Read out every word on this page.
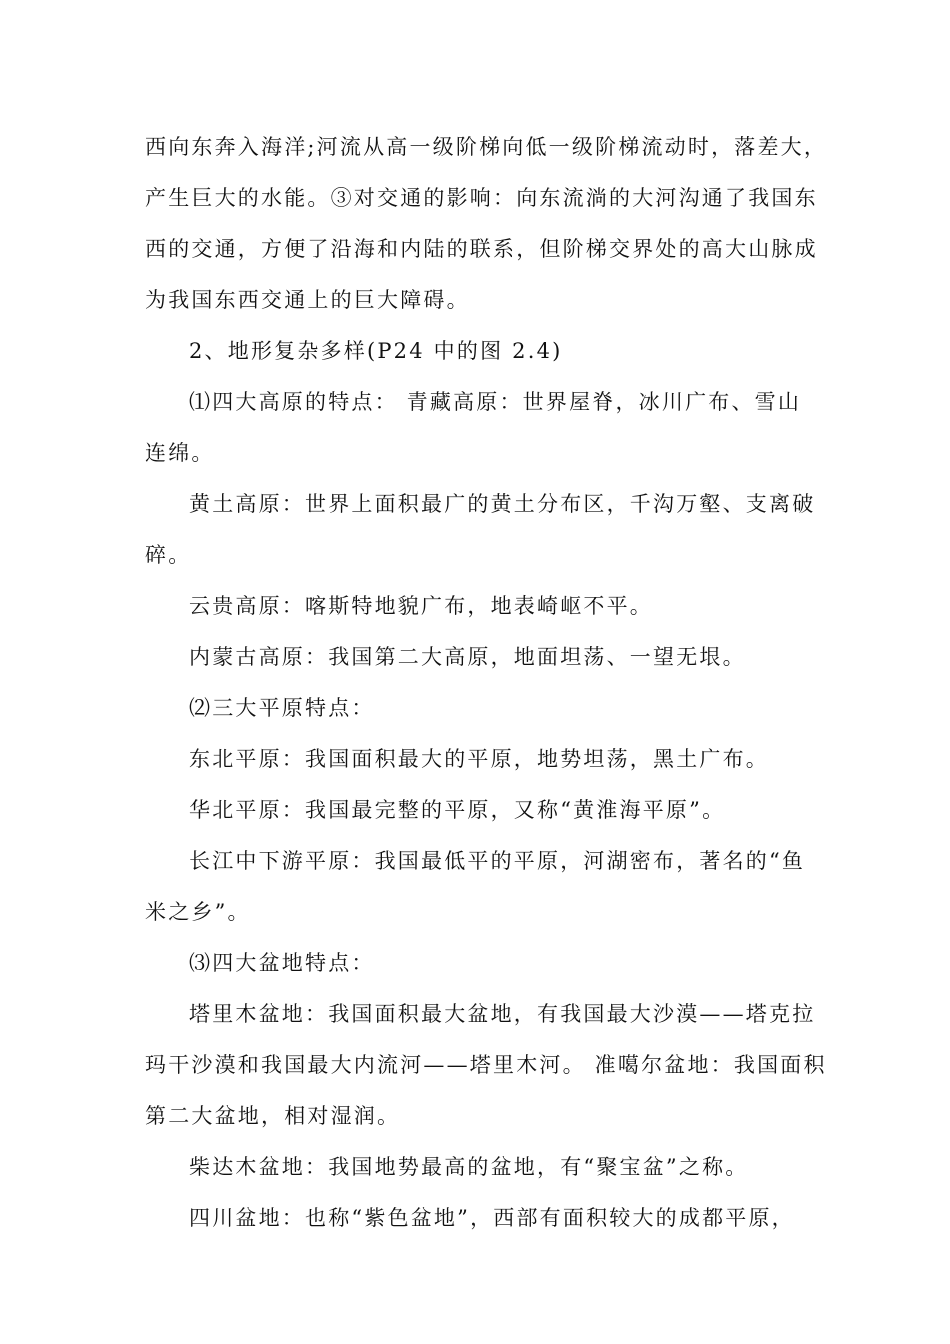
西向东奔入海洋;河流从高一级阶梯向低一级阶梯流动时，落差大，

产生巨大的水能。③对交通的影响：向东流淌的大河沟通了我国东

西的交通，方便了沿海和内陆的联系，但阶梯交界处的高大山脉成

为我国东西交通上的巨大障碍。

2、地形复杂多样(P24 中的图 2.4)

⑴四大高原的特点： 青藏高原：世界屋脊，冰川广布、雪山

连绵。

黄土高原：世界上面积最广的黄土分布区，千沟万壑、支离破

碎。

云贵高原：喀斯特地貌广布，地表崎岖不平。

内蒙古高原：我国第二大高原，地面坦荡、一望无垠。

⑵三大平原特点：

东北平原：我国面积最大的平原，地势坦荡，黑土广布。

华北平原：我国最完整的平原，又称“黄淮海平原”。

长江中下游平原：我国最低平的平原，河湖密布，著名的“鱼

米之乡”。

⑶四大盆地特点：

塔里木盆地：我国面积最大盆地，有我国最大沙漠——塔克拉

玛干沙漠和我国最大内流河——塔里木河。 准噶尔盆地：我国面积

第二大盆地，相对湿润。

柴达木盆地：我国地势最高的盆地，有“聚宝盆”之称。

四川盆地：也称“紫色盆地”，西部有面积较大的成都平原，
